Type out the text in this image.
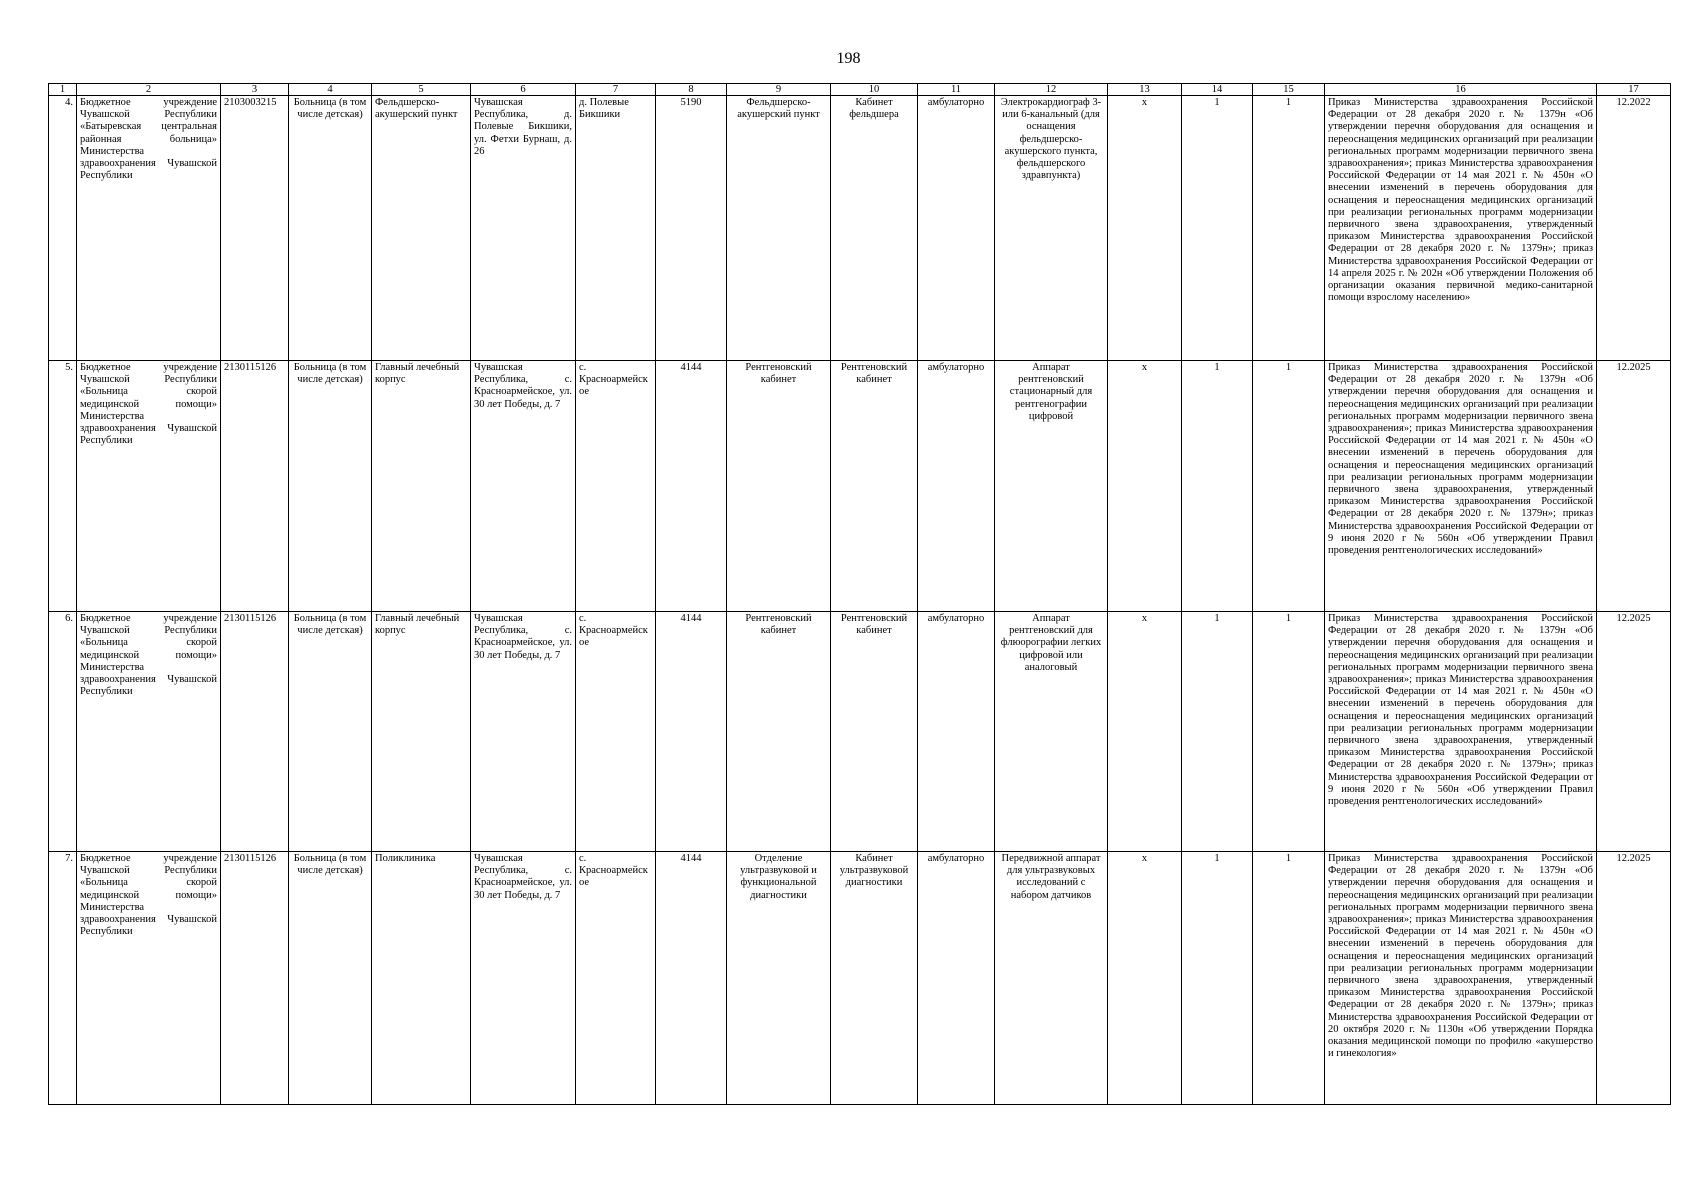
198
1	2	3	4	5	6	7	8	9	10	11	12	13	14	15	16	17
4.	Бюджетное учреждение Чувашской Республики «Батыревская центральная районная больница» Министерства здравоохранения Чувашской Республики	2103003215	Больница (в том числе детская)	Фельдшерско-акушерский пункт	Чувашская Республика, д. Полевые Бикшики, ул. Фетхи Бурнаш, д. 26	д. Полевые Бикшики	5190	Фельдшерско-акушерский пункт	Кабинет фельдшера	амбулаторно	Электрокардиограф 3- или 6-канальный (для оснащения фельдшерско-акушерского пункта, фельдшерского здравпункта)	х	1	1	Приказ Министерства здравоохранения Российской Федерации от 28 декабря 2020 г. № 1379н «Об утверждении перечня оборудования для оснащения и переоснащения медицинских организаций при реализации региональных программ модернизации первичного звена здравоохранения»; приказ Министерства здравоохранения Российской Федерации от 14 мая 2021 г. № 450н «О внесении изменений в перечень оборудования для оснащения и переоснащения медицинских организаций при реализации региональных программ модернизации первичного звена здравоохранения, утвержденный приказом Министерства здравоохранения Российской Федерации от 28 декабря 2020 г. № 1379н»; приказ Министерства здравоохранения Российской Федерации от 14 апреля 2025 г. № 202н «Об утверждении Положения об организации оказания первичной медико-санитарной помощи взрослому населению»	12.2022
5.	Бюджетное учреждение Чувашской Республики «Больница скорой медицинской помощи» Министерства здравоохранения Чувашской Республики	2130115126	Больница (в том числе детская)	Главный лечебный корпус	Чувашская Республика, с. Красноармейское, ул. 30 лет Победы, д. 7	с. Красноармейское	4144	Рентгеновский кабинет	Рентгеновский кабинет	амбулаторно	Аппарат рентгеновский стационарный для рентгенографии цифровой	х	1	1	Приказ Министерства здравоохранения Российской Федерации от 28 декабря 2020 г. № 1379н «Об утверждении перечня оборудования для оснащения и переоснащения медицинских организаций при реализации региональных программ модернизации первичного звена здравоохранения»; приказ Министерства здравоохранения Российской Федерации от 14 мая 2021 г. № 450н «О внесении изменений в перечень оборудования для оснащения и переоснащения медицинских организаций при реализации региональных программ модернизации первичного звена здравоохранения, утвержденный приказом Министерства здравоохранения Российской Федерации от 28 декабря 2020 г. № 1379н»; приказ Министерства здравоохранения Российской Федерации от 9 июня 2020 г № 560н «Об утверждении Правил проведения рентгенологических исследований»	12.2025
6.	Бюджетное учреждение Чувашской Республики «Больница скорой медицинской помощи» Министерства здравоохранения Чувашской Республики	2130115126	Больница (в том числе детская)	Главный лечебный корпус	Чувашская Республика, с. Красноармейское, ул. 30 лет Победы, д. 7	с. Красноармейское	4144	Рентгеновский кабинет	Рентгеновский кабинет	амбулаторно	Аппарат рентгеновский для флюорографии легких цифровой или аналоговый	х	1	1	Приказ Министерства здравоохранения Российской Федерации от 28 декабря 2020 г. № 1379н «Об утверждении перечня оборудования для оснащения и переоснащения медицинских организаций при реализации региональных программ модернизации первичного звена здравоохранения»; приказ Министерства здравоохранения Российской Федерации от 14 мая 2021 г. № 450н «О внесении изменений в перечень оборудования для оснащения и переоснащения медицинских организаций при реализации региональных программ модернизации первичного звена здравоохранения, утвержденный приказом Министерства здравоохранения Российской Федерации от 28 декабря 2020 г. № 1379н»; приказ Министерства здравоохранения Российской Федерации от 9 июня 2020 г № 560н «Об утверждении Правил проведения рентгенологических исследований»	12.2025
7.	Бюджетное учреждение Чувашской Республики «Больница скорой медицинской помощи» Министерства здравоохранения Чувашской Республики	2130115126	Больница (в том числе детская)	Поликлиника	Чувашская Республика, с. Красноармейское, ул. 30 лет Победы, д. 7	с. Красноармейское	4144	Отделение ультразвуковой и функциональной диагностики	Кабинет ультразвуковой диагностики	амбулаторно	Передвижной аппарат для ультразвуковых исследований с набором датчиков	х	1	1	Приказ Министерства здравоохранения Российской Федерации от 28 декабря 2020 г. № 1379н «Об утверждении перечня оборудования для оснащения и переоснащения медицинских организаций при реализации региональных программ модернизации первичного звена здравоохранения»; приказ Министерства здравоохранения Российской Федерации от 14 мая 2021 г. № 450н «О внесении изменений в перечень оборудования для оснащения и переоснащения медицинских организаций при реализации региональных программ модернизации первичного звена здравоохранения, утвержденный приказом Министерства здравоохранения Российской Федерации от 28 декабря 2020 г. № 1379н»; приказ Министерства здравоохранения Российской Федерации от 20 октября 2020 г. № 1130н «Об утверждении Порядка оказания медицинской помощи по профилю «акушерство и гинекология»	12.2025
